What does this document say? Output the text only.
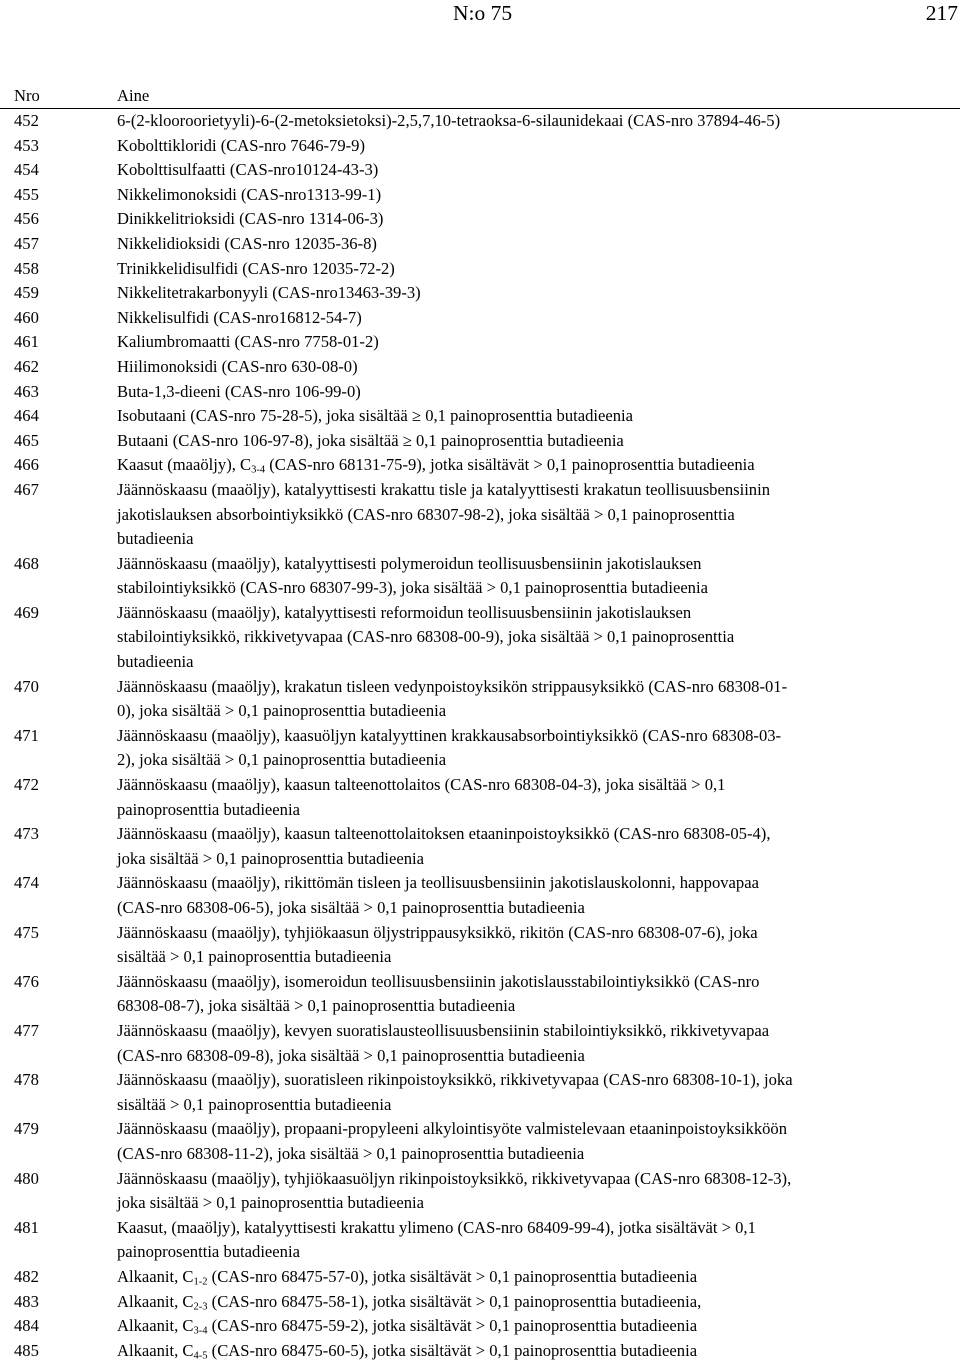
N:o 75	217
Nro	Aine
452	6-(2-klooroorietyyli)-6-(2-metoksietoksi)-2,5,7,10-tetraoksa-6-silaunidekaai (CAS-nro 37894-46-5)
453	Kobolttikloridi (CAS-nro 7646-79-9)
454	Kobolttisulfaatti (CAS-nro10124-43-3)
455	Nikkelimonoksidi (CAS-nro1313-99-1)
456	Dinikkelitrioksidi (CAS-nro 1314-06-3)
457	Nikkelidioksidi (CAS-nro 12035-36-8)
458	Trinikkelidisulfidi (CAS-nro 12035-72-2)
459	Nikkelitetrakarbonyyli (CAS-nro13463-39-3)
460	Nikkelisulfidi (CAS-nro16812-54-7)
461	Kaliumbromaatti (CAS-nro 7758-01-2)
462	Hiilimonoksidi (CAS-nro 630-08-0)
463	Buta-1,3-dieeni (CAS-nro 106-99-0)
464	Isobutaani (CAS-nro 75-28-5), joka sisältää ≥ 0,1 painoprosenttia butadieenia
465	Butaani (CAS-nro 106-97-8), joka sisältää ≥ 0,1 painoprosenttia butadieenia
466	Kaasut (maaöljy), $C_{3-4}$ (CAS-nro 68131-75-9), jotka sisältävät > 0,1 painoprosenttia butadieenia
467	Jäännöskaasu (maaöljy), katalyyttisesti krakattu tisle ja katalyyttisesti krakatun teollisuusbensiinin
jakotislauksen absorbointiyksikkö (CAS-nro 68307-98-2), joka sisältää > 0,1 painoprosenttia
butadieenia
468	Jäännöskaasu (maaöljy), katalyyttisesti polymeroidun teollisuusbensiinin jakotislauksen
stabilointiyksikkö (CAS-nro 68307-99-3), joka sisältää > 0,1 painoprosenttia butadieenia
469	Jäännöskaasu (maaöljy), katalyyttisesti reformoidun teollisuusbensiinin jakotislauksen
stabilointiyksikkö, rikkivetyvapaa (CAS-nro 68308-00-9), joka sisältää > 0,1 painoprosenttia
butadieenia
470	Jäännöskaasu (maaöljy), krakatun tisleen vedynpoistoyksikön strippausyksikkö (CAS-nro 68308-01-
0), joka sisältää > 0,1 painoprosenttia butadieenia
471	Jäännöskaasu (maaöljy), kaasuöljyn katalyyttinen krakkausabsorbointiyksikkö (CAS-nro 68308-03-
2), joka sisältää > 0,1 painoprosenttia butadieenia
472	Jäännöskaasu (maaöljy), kaasun talteenottolaitos (CAS-nro 68308-04-3), joka sisältää > 0,1
painoprosenttia butadieenia
473	Jäännöskaasu (maaöljy), kaasun talteenottolaitoksen etaaninpoistoyksikkö (CAS-nro 68308-05-4),
joka sisältää > 0,1 painoprosenttia butadieenia
474	Jäännöskaasu (maaöljy), rikittömän tisleen ja teollisuusbensiinin jakotislauskolonni, happovapaa
(CAS-nro 68308-06-5), joka sisältää > 0,1 painoprosenttia butadieenia
475	Jäännöskaasu (maaöljy), tyhjiökaasun öljystrippausyksikkö, rikitön (CAS-nro 68308-07-6), joka
sisältää > 0,1 painoprosenttia butadieenia
476	Jäännöskaasu (maaöljy), isomeroidun teollisuusbensiinin jakotislausstabilointiyksikkö (CAS-nro
68308-08-7), joka sisältää > 0,1 painoprosenttia butadieenia
477	Jäännöskaasu (maaöljy), kevyen suoratislausteollisuusbensiinin stabilointiyksikkö, rikkivetyvapaa
(CAS-nro 68308-09-8), joka sisältää > 0,1 painoprosenttia butadieenia
478	Jäännöskaasu (maaöljy), suoratisleen rikinpoistoyksikkö, rikkivetyvapaa (CAS-nro 68308-10-1), joka
sisältää > 0,1 painoprosenttia butadieenia
479	Jäännöskaasu (maaöljy), propaani-propyleeni alkylointisyöte valmistelevaan etaaninpoistoyksikköön
(CAS-nro 68308-11-2), joka sisältää > 0,1 painoprosenttia butadieenia
480	Jäännöskaasu (maaöljy), tyhjiökaasuöljyn rikinpoistoyksikkö, rikkivetyvapaa (CAS-nro 68308-12-3),
joka sisältää > 0,1 painoprosenttia butadieenia
481	Kaasut, (maaöljy), katalyyttisesti krakattu ylimeno (CAS-nro 68409-99-4), jotka sisältävät > 0,1
painoprosenttia butadieenia
482	Alkaanit, $C_{1-2}$ (CAS-nro 68475-57-0), jotka sisältävät > 0,1 painoprosenttia butadieenia
483	Alkaanit, $C_{2-3}$ (CAS-nro 68475-58-1), jotka sisältävät > 0,1 painoprosenttia butadieenia,
484	Alkaanit, $C_{3-4}$ (CAS-nro 68475-59-2), jotka sisältävät > 0,1 painoprosenttia butadieenia
485	Alkaanit, $C_{4-5}$ (CAS-nro 68475-60-5), jotka sisältävät > 0,1 painoprosenttia butadieenia
